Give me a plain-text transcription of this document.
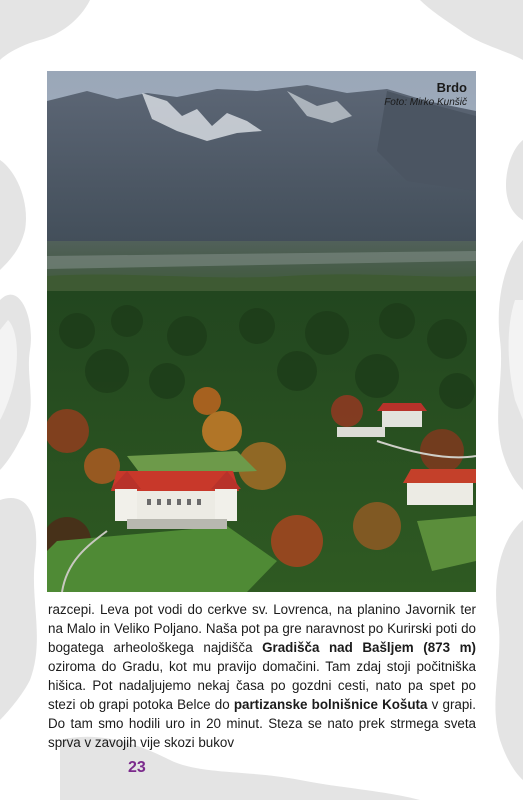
Brdo
Foto: Mirko Kunšič

razcepi. Leva pot vodi do cerkve sv. Lovrenca, na planino Javornik ter na Malo in Veliko Poljano. Naša pot pa gre naravnost po Kurirski poti do bogatega arheološkega najdišča Gradišča nad Bašljem (873 m) oziroma do Gradu, kot mu pravijo domačini. Tam zdaj stoji počitniška hišica. Pot nadaljujemo nekaj časa po gozdni cesti, nato pa spet po stezi ob grapi potoka Belce do partizanske bolnišnice Košuta v grapi. Do tam smo hodili uro in 20 minut. Steza se nato prek strmega sveta sprva v zavojih vije skozi bukov

23
